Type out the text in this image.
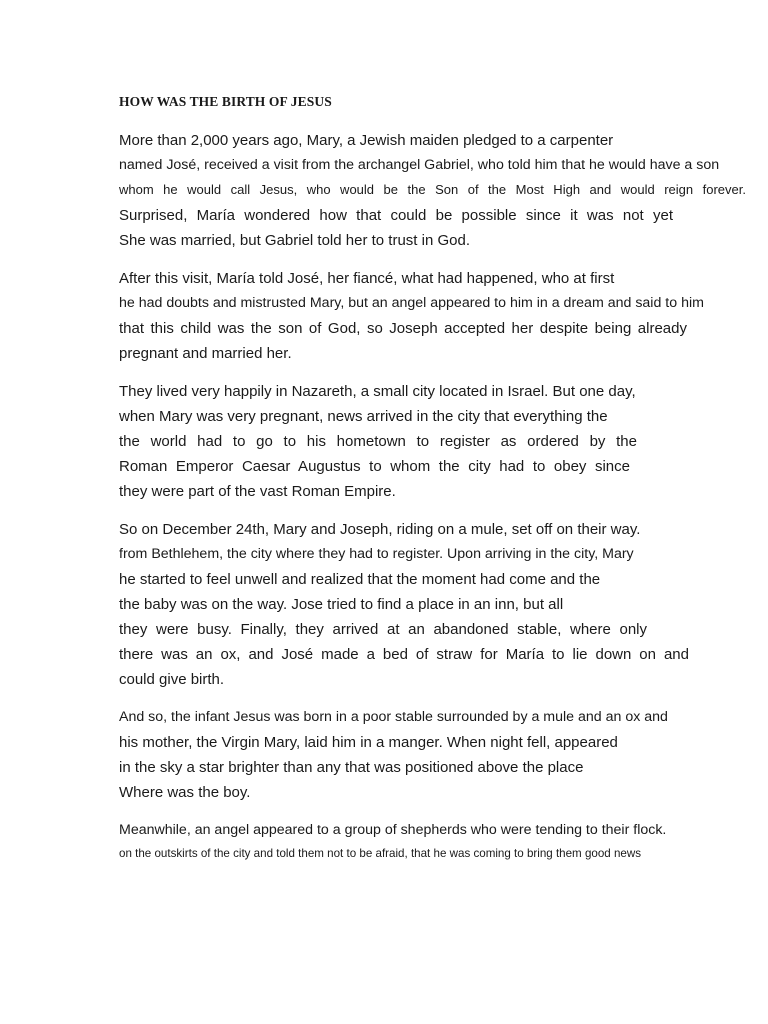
HOW WAS THE BIRTH OF JESUS

More than 2,000 years ago, Mary, a Jewish maiden pledged to a carpenter

named José, received a visit from the archangel Gabriel, who told him that he would have a son

whom he would call Jesus, who would be the Son of the Most High and would reign forever.

Surprised, María wondered how that could be possible since it was not yet

She was married, but Gabriel told her to trust in God.

After this visit, María told José, her fiancé, what had happened, who at first

he had doubts and mistrusted Mary, but an angel appeared to him in a dream and said to him

that this child was the son of God, so Joseph accepted her despite being already

pregnant and married her.

They lived very happily in Nazareth, a small city located in Israel. But one day,

when Mary was very pregnant, news arrived in the city that everything the

the world had to go to his hometown to register as ordered by the

Roman Emperor Caesar Augustus to whom the city had to obey since

they were part of the vast Roman Empire.

So on December 24th, Mary and Joseph, riding on a mule, set off on their way.

from Bethlehem, the city where they had to register. Upon arriving in the city, Mary

he started to feel unwell and realized that the moment had come and the

the baby was on the way. Jose tried to find a place in an inn, but all

they were busy. Finally, they arrived at an abandoned stable, where only

there was an ox, and José made a bed of straw for María to lie down on and

could give birth.

And so, the infant Jesus was born in a poor stable surrounded by a mule and an ox and

his mother, the Virgin Mary, laid him in a manger. When night fell, appeared

in the sky a star brighter than any that was positioned above the place

Where was the boy.

Meanwhile, an angel appeared to a group of shepherds who were tending to their flock.

on the outskirts of the city and told them not to be afraid, that he was coming to bring them good news
